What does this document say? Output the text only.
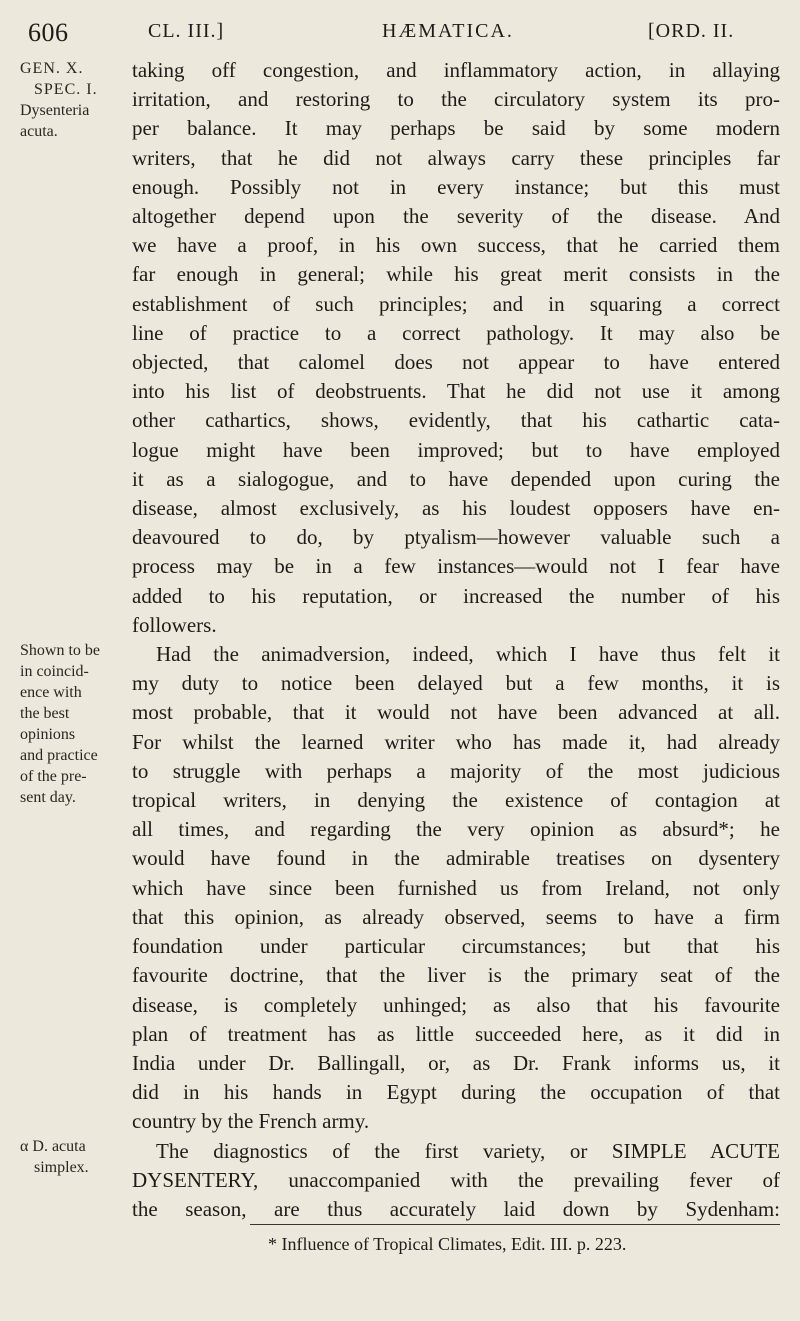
606	CL. III.]	HÆMATICA.	[ORD. II.
GEN. X.
SPEC. I.
Dysenteria
acuta.
Shown to be
in coincid-
ence with
the best
opinions
and practice
of the pre-
sent day.
α D. acuta
simplex.
taking off congestion, and inflammatory action, in allaying
irritation, and restoring to the circulatory system its pro-
per balance. It may perhaps be said by some modern
writers, that he did not always carry these principles far
enough. Possibly not in every instance; but this must
altogether depend upon the severity of the disease. And
we have a proof, in his own success, that he carried them
far enough in general; while his great merit consists in the
establishment of such principles; and in squaring a correct
line of practice to a correct pathology. It may also be
objected, that calomel does not appear to have entered
into his list of deobstruents. That he did not use it among
other cathartics, shows, evidently, that his cathartic cata-
logue might have been improved; but to have employed
it as a sialogogue, and to have depended upon curing the
disease, almost exclusively, as his loudest opposers have en-
deavoured to do, by ptyalism—however valuable such a
process may be in a few instances—would not I fear have
added to his reputation, or increased the number of his
followers.
Had the animadversion, indeed, which I have thus felt it
my duty to notice been delayed but a few months, it is
most probable, that it would not have been advanced at all.
For whilst the learned writer who has made it, had already
to struggle with perhaps a majority of the most judicious
tropical writers, in denying the existence of contagion at
all times, and regarding the very opinion as absurd*; he
would have found in the admirable treatises on dysentery
which have since been furnished us from Ireland, not only
that this opinion, as already observed, seems to have a firm
foundation under particular circumstances; but that his
favourite doctrine, that the liver is the primary seat of the
disease, is completely unhinged; as also that his favourite
plan of treatment has as little succeeded here, as it did in
India under Dr. Ballingall, or, as Dr. Frank informs us, it
did in his hands in Egypt during the occupation of that
country by the French army.
The diagnostics of the first variety, or SIMPLE ACUTE
DYSENTERY, unaccompanied with the prevailing fever of
the season, are thus accurately laid down by Sydenham:
* Influence of Tropical Climates, Edit. III. p. 223.
